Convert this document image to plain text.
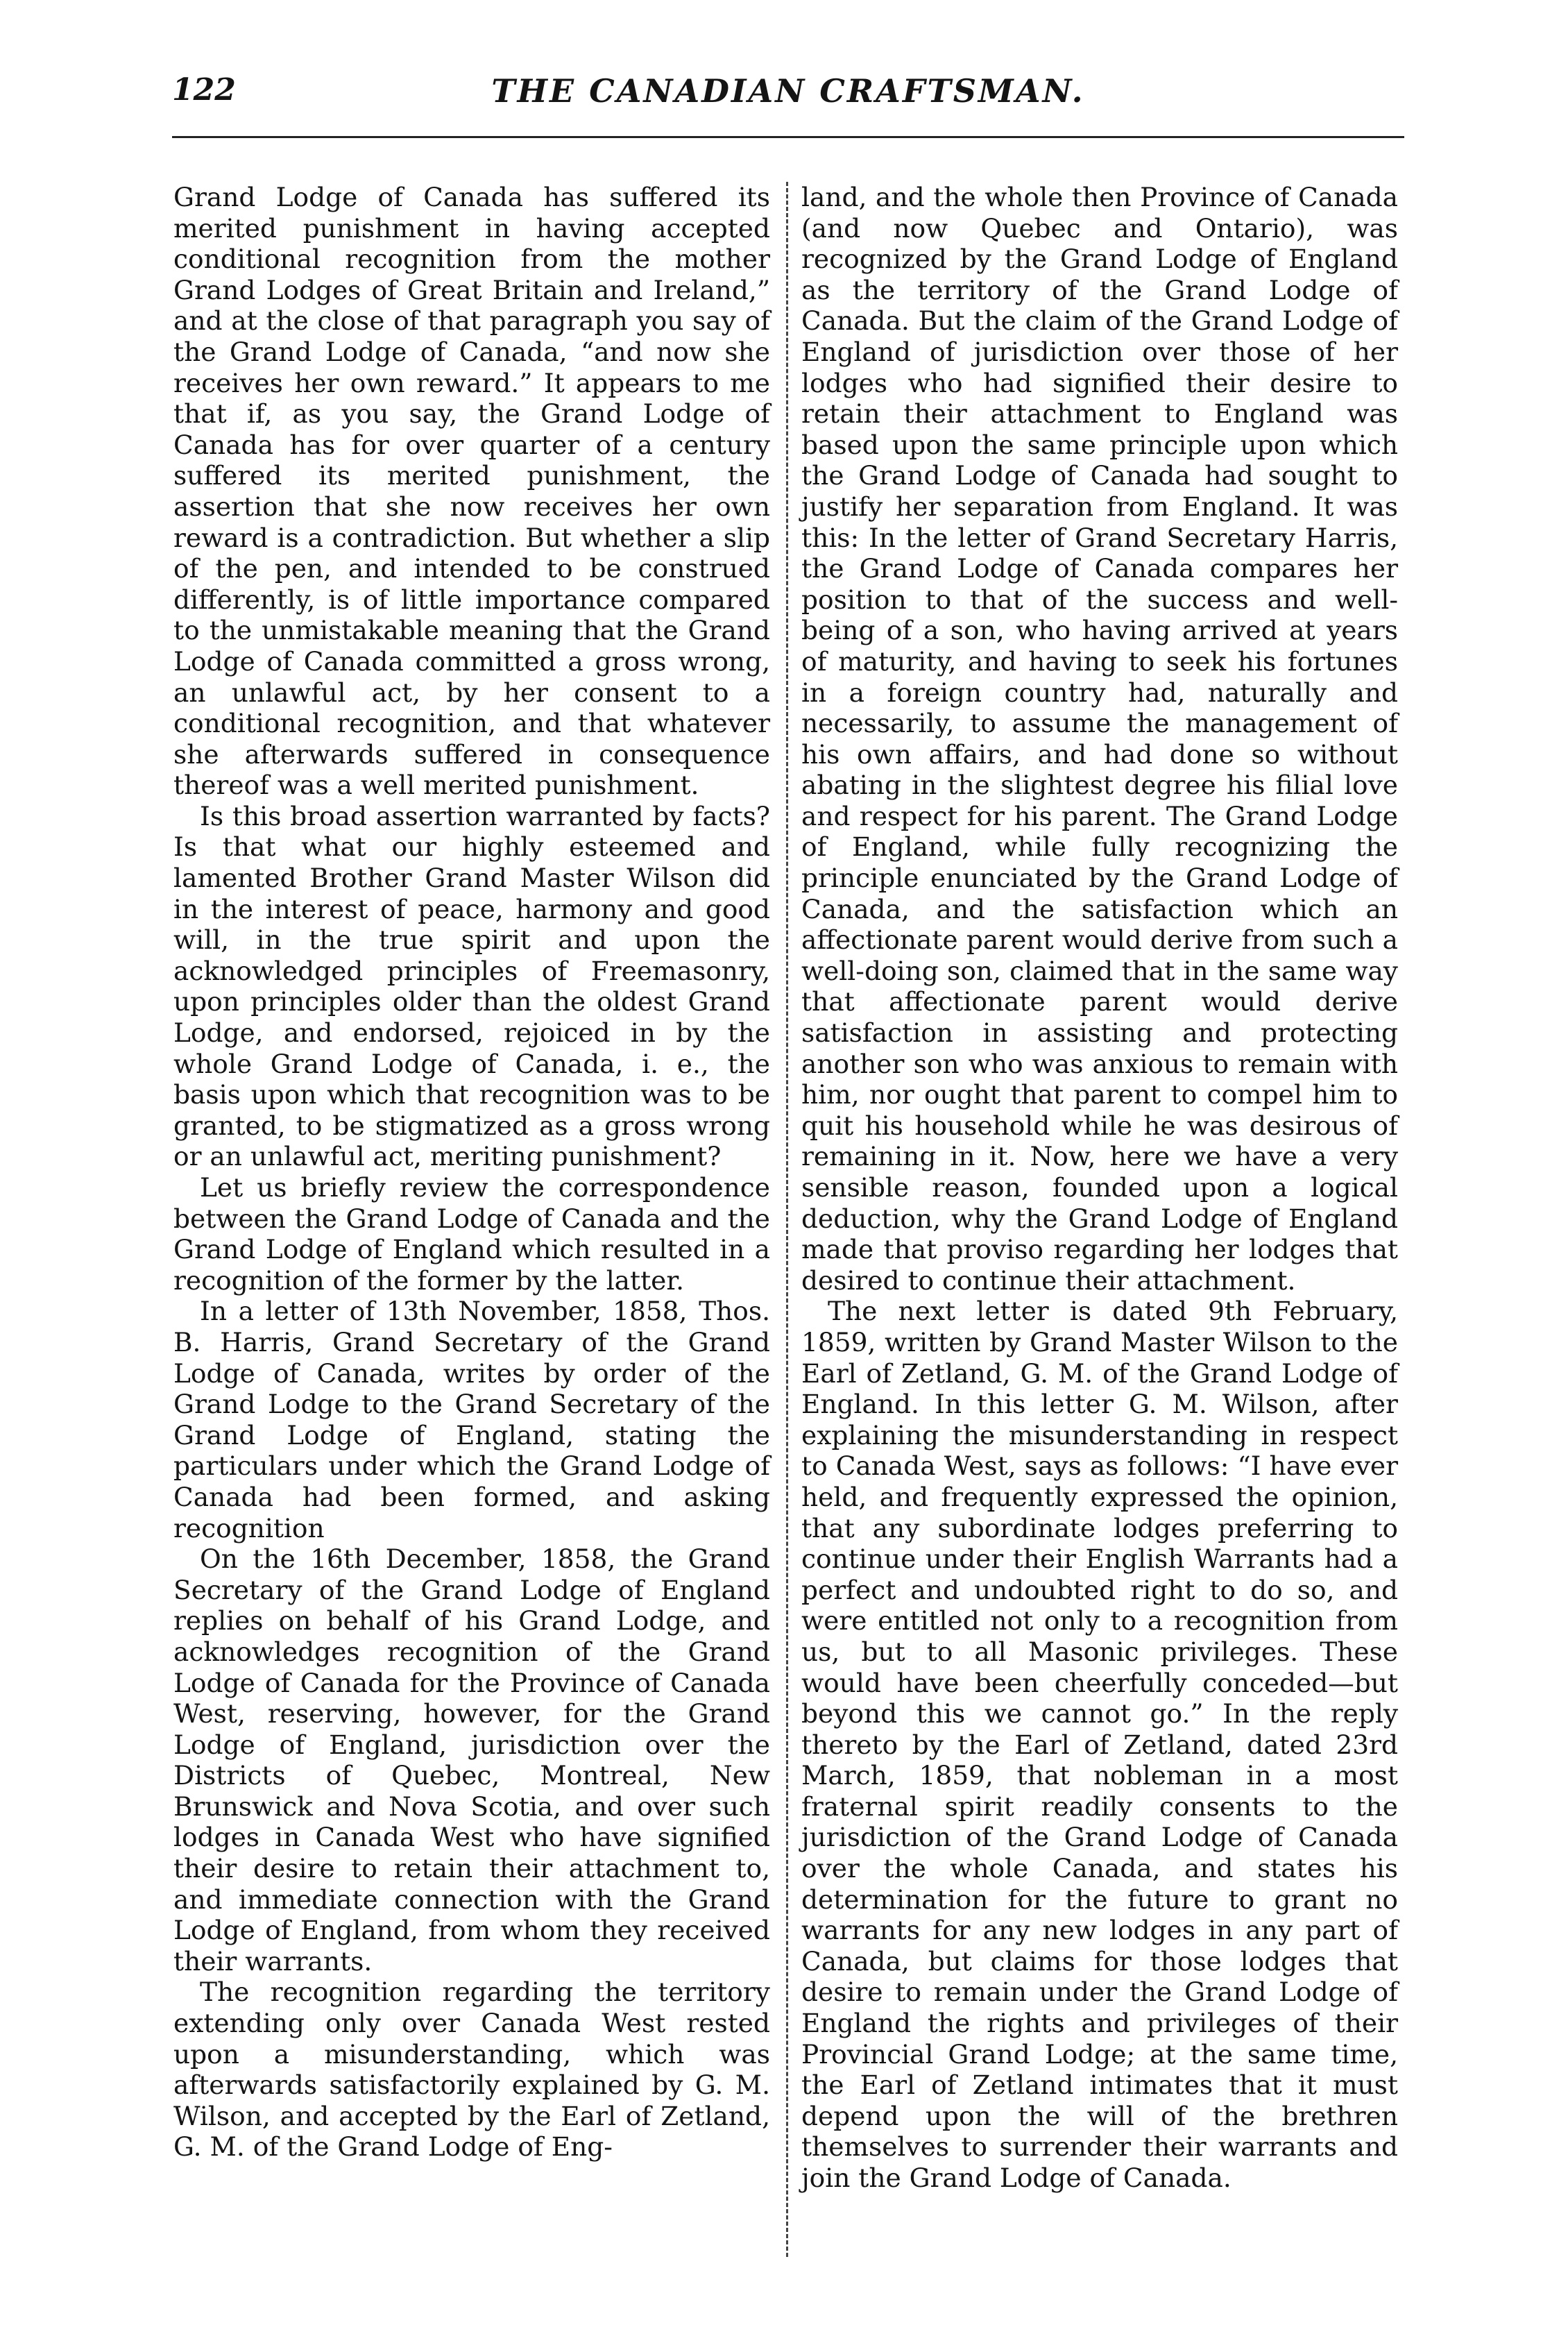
122	THE CANADIAN CRAFTSMAN.

Grand Lodge of Canada has suffered its merited punishment in having accepted conditional recognition from the mother Grand Lodges of Great Britain and Ireland,” and at the close of that paragraph you say of the Grand Lodge of Canada, “and now she receives her own reward.” It appears to me that if, as you say, the Grand Lodge of Canada has for over quarter of a century suffered its merited punishment, the assertion that she now receives her own reward is a contradiction. But whether a slip of the pen, and intended to be construed differently, is of little importance compared to the unmistakable meaning that the Grand Lodge of Canada committed a gross wrong, an unlawful act, by her consent to a conditional recognition, and that whatever she afterwards suffered in consequence thereof was a well merited punishment.

Is this broad assertion warranted by facts? Is that what our highly esteemed and lamented Brother Grand Master Wilson did in the interest of peace, harmony and good will, in the true spirit and upon the acknowledged principles of Freemasonry, upon principles older than the oldest Grand Lodge, and endorsed, rejoiced in by the whole Grand Lodge of Canada, i. e., the basis upon which that recognition was to be granted, to be stigmatized as a gross wrong or an unlawful act, meriting punishment?

Let us briefly review the correspondence between the Grand Lodge of Canada and the Grand Lodge of England which resulted in a recognition of the former by the latter.

In a letter of 13th November, 1858, Thos. B. Harris, Grand Secretary of the Grand Lodge of Canada, writes by order of the Grand Lodge to the Grand Secretary of the Grand Lodge of England, stating the particulars under which the Grand Lodge of Canada had been formed, and asking recognition

On the 16th December, 1858, the Grand Secretary of the Grand Lodge of England replies on behalf of his Grand Lodge, and acknowledges recognition of the Grand Lodge of Canada for the Province of Canada West, reserving, however, for the Grand Lodge of England, jurisdiction over the Districts of Quebec, Montreal, New Brunswick and Nova Scotia, and over such lodges in Canada West who have signified their desire to retain their attachment to, and immediate connection with the Grand Lodge of England, from whom they received their warrants.

The recognition regarding the territory extending only over Canada West rested upon a misunderstanding, which was afterwards satisfactorily explained by G. M. Wilson, and accepted by the Earl of Zetland, G. M. of the Grand Lodge of Eng-

land, and the whole then Province of Canada (and now Quebec and Ontario), was recognized by the Grand Lodge of England as the territory of the Grand Lodge of Canada. But the claim of the Grand Lodge of England of jurisdiction over those of her lodges who had signified their desire to retain their attachment to England was based upon the same principle upon which the Grand Lodge of Canada had sought to justify her separation from England. It was this: In the letter of Grand Secretary Harris, the Grand Lodge of Canada compares her position to that of the success and well-being of a son, who having arrived at years of maturity, and having to seek his fortunes in a foreign country had, naturally and necessarily, to assume the management of his own affairs, and had done so without abating in the slightest degree his filial love and respect for his parent. The Grand Lodge of England, while fully recognizing the principle enunciated by the Grand Lodge of Canada, and the satisfaction which an affectionate parent would derive from such a well-doing son, claimed that in the same way that affectionate parent would derive satisfaction in assisting and protecting another son who was anxious to remain with him, nor ought that parent to compel him to quit his household while he was desirous of remaining in it. Now, here we have a very sensible reason, founded upon a logical deduction, why the Grand Lodge of England made that proviso regarding her lodges that desired to continue their attachment.

The next letter is dated 9th February, 1859, written by Grand Master Wilson to the Earl of Zetland, G. M. of the Grand Lodge of England. In this letter G. M. Wilson, after explaining the misunderstanding in respect to Canada West, says as follows: “I have ever held, and frequently expressed the opinion, that any subordinate lodges preferring to continue under their English Warrants had a perfect and undoubted right to do so, and were entitled not only to a recognition from us, but to all Masonic privileges. These would have been cheerfully conceded—but beyond this we cannot go.” In the reply thereto by the Earl of Zetland, dated 23rd March, 1859, that nobleman in a most fraternal spirit readily consents to the jurisdiction of the Grand Lodge of Canada over the whole Canada, and states his determination for the future to grant no warrants for any new lodges in any part of Canada, but claims for those lodges that desire to remain under the Grand Lodge of England the rights and privileges of their Provincial Grand Lodge; at the same time, the Earl of Zetland intimates that it must depend upon the will of the brethren themselves to surrender their warrants and join the Grand Lodge of Canada.
